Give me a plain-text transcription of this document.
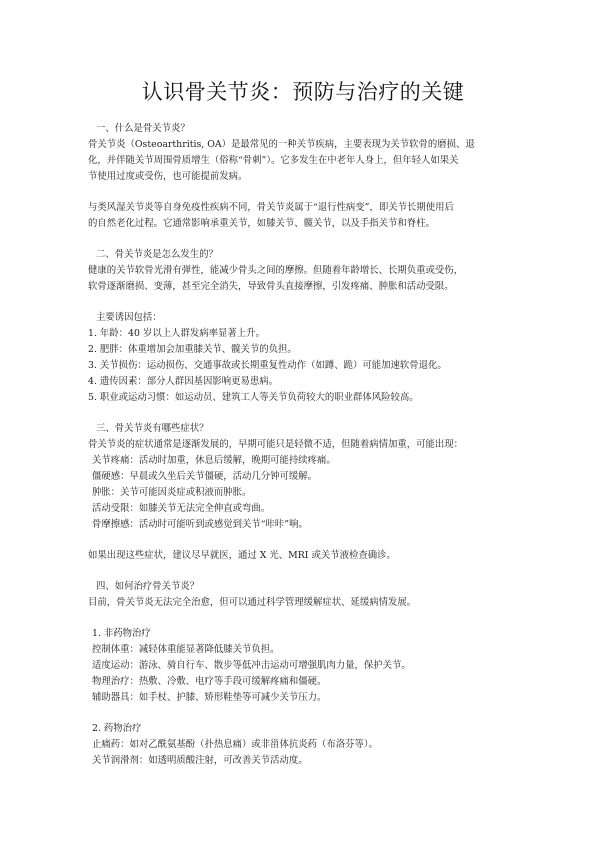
认识骨关节炎：预防与治疗的关键

一、什么是骨关节炎？

骨关节炎（Osteoarthritis, OA）是最常见的一种关节疾病，主要表现为关节软骨的磨损、退

化，并伴随关节周围骨质增生（俗称“骨刺”）。它多发生在中老年人身上，但年轻人如果关

节使用过度或受伤，也可能提前发病。

与类风湿关节炎等自身免疫性疾病不同，骨关节炎属于“退行性病变”，即关节长期使用后

的自然老化过程。它通常影响承重关节，如膝关节、髋关节，以及手指关节和脊柱。

二、骨关节炎是怎么发生的？

健康的关节软骨光滑有弹性，能减少骨头之间的摩擦。但随着年龄增长、长期负重或受伤，

软骨逐渐磨损、变薄，甚至完全消失，导致骨头直接摩擦，引发疼痛、肿胀和活动受限。

主要诱因包括：

1. 年龄：40 岁以上人群发病率显著上升。

2. 肥胖：体重增加会加重膝关节、髋关节的负担。

3. 关节损伤：运动损伤、交通事故或长期重复性动作（如蹲、跪）可能加速软骨退化。

4. 遗传因素：部分人群因基因影响更易患病。

5. 职业或运动习惯：如运动员、建筑工人等关节负荷较大的职业群体风险较高。

三、骨关节炎有哪些症状？

骨关节炎的症状通常是逐渐发展的，早期可能只是轻微不适，但随着病情加重，可能出现：

关节疼痛：活动时加重，休息后缓解，晚期可能持续疼痛。

僵硬感：早晨或久坐后关节僵硬，活动几分钟可缓解。

肿胀：关节可能因炎症或积液而肿胀。

活动受限：如膝关节无法完全伸直或弯曲。

骨摩擦感：活动时可能听到或感觉到关节“咔咔”响。

如果出现这些症状，建议尽早就医，通过 X 光、MRI 或关节液检查确诊。

四、如何治疗骨关节炎？

目前，骨关节炎无法完全治愈，但可以通过科学管理缓解症状、延缓病情发展。

1. 非药物治疗

控制体重：减轻体重能显著降低膝关节负担。

适度运动：游泳、骑自行车、散步等低冲击运动可增强肌肉力量，保护关节。

物理治疗：热敷、冷敷、电疗等手段可缓解疼痛和僵硬。

辅助器具：如手杖、护膝、矫形鞋垫等可减少关节压力。

2. 药物治疗

止痛药：如对乙酰氨基酚（扑热息痛）或非甾体抗炎药（布洛芬等）。

关节润滑剂：如透明质酸注射，可改善关节活动度。
